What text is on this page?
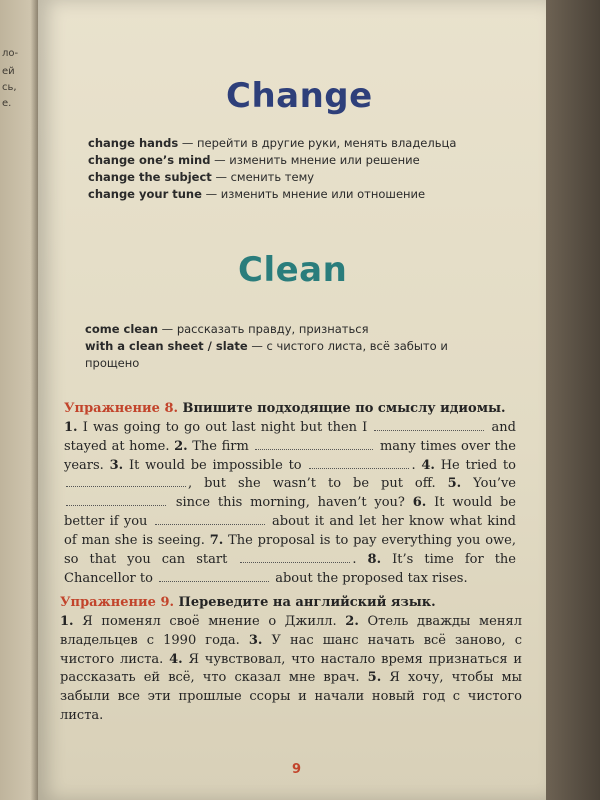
ло-
ей
сь,
е.	Change
change hands — перейти в другие руки, менять владельца
change one’s mind — изменить мнение или решение
change the subject — сменить тему
change your tune — изменить мнение или отношение
Clean
come clean — рассказать правду, признаться
with a clean sheet / slate — с чистого листа, всё забыто и прощено
Упражнение 8. Впишите подходящие по смыслу идиомы.
1. I was going to go out last night but then I	and stayed at home. 2. The firm	many times over the years. 3. It would be impossible to	. 4. He tried to , but she wasn’t to be put off. 5. You’ve  since this morning, haven’t you? 6. It would be better if you	about it and let her know what kind of man she is seeing. 7. The proposal is to pay everything you owe, so that you can start	. 8. It’s time for the Chancellor to	about the proposed tax rises.
Упражнение 9. Переведите на английский язык.
1. Я поменял своё мнение о Джилл. 2. Отель дважды менял владельцев с 1990 года. 3. У нас шанс начать всё заново, с чистого листа. 4. Я чувствовал, что настало время признаться и рассказать ей всё, что сказал мне врач. 5. Я хочу, чтобы мы забыли все эти прошлые ссоры и начали новый год с чистого листа.
9
